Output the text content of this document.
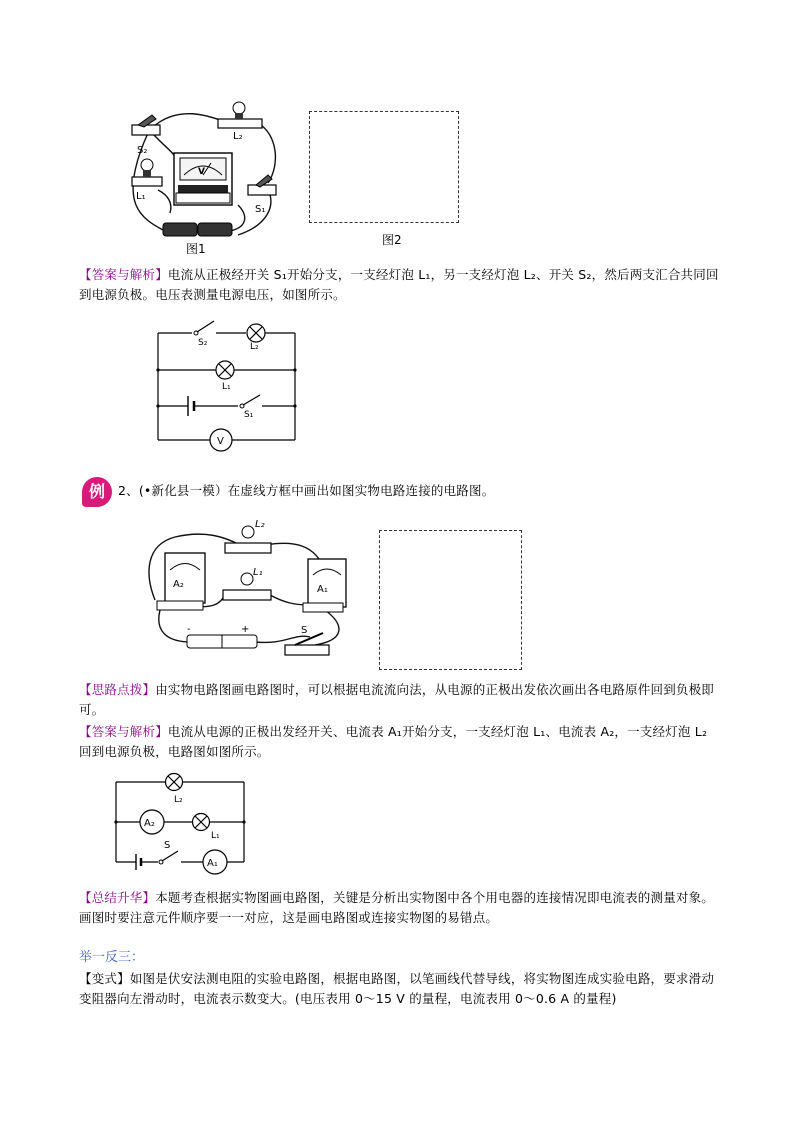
V
S₂
L₂
L₁
S₁
图1
图2
【答案与解析】电流从正极经开关 S₁开始分支，一支经灯泡 L₁，另一支经灯泡 L₂、开关 S₂，然后两支汇合共同回到电源负极。电压表测量电源电压，如图所示。
S₂	L₂
L₁
S₁
V
例	2、(•新化县一模）在虚线方框中画出如图实物电路连接的电路图。
A₂	A₁
L₂
L₁
-	+	S
【思路点拨】由实物电路图画电路图时，可以根据电流流向法，从电源的正极出发依次画出各电路原件回到负极即可。
【答案与解析】电流从电源的正极出发经开关、电流表 A₁开始分支，一支经灯泡 L₁、电流表 A₂，一支经灯泡 L₂回到电源负极，电路图如图所示。
L₂
A₂
L₁
S
A₁
【总结升华】本题考查根据实物图画电路图，关键是分析出实物图中各个用电器的连接情况即电流表的测量对象。画图时要注意元件顺序要一一对应，这是画电路图或连接实物图的易错点。
举一反三：
【变式】如图是伏安法测电阻的实验电路图，根据电路图，以笔画线代替导线，将实物图连成实验电路，要求滑动变阻器向左滑动时，电流表示数变大。(电压表用 0～15 V 的量程，电流表用 0～0.6 A 的量程)
